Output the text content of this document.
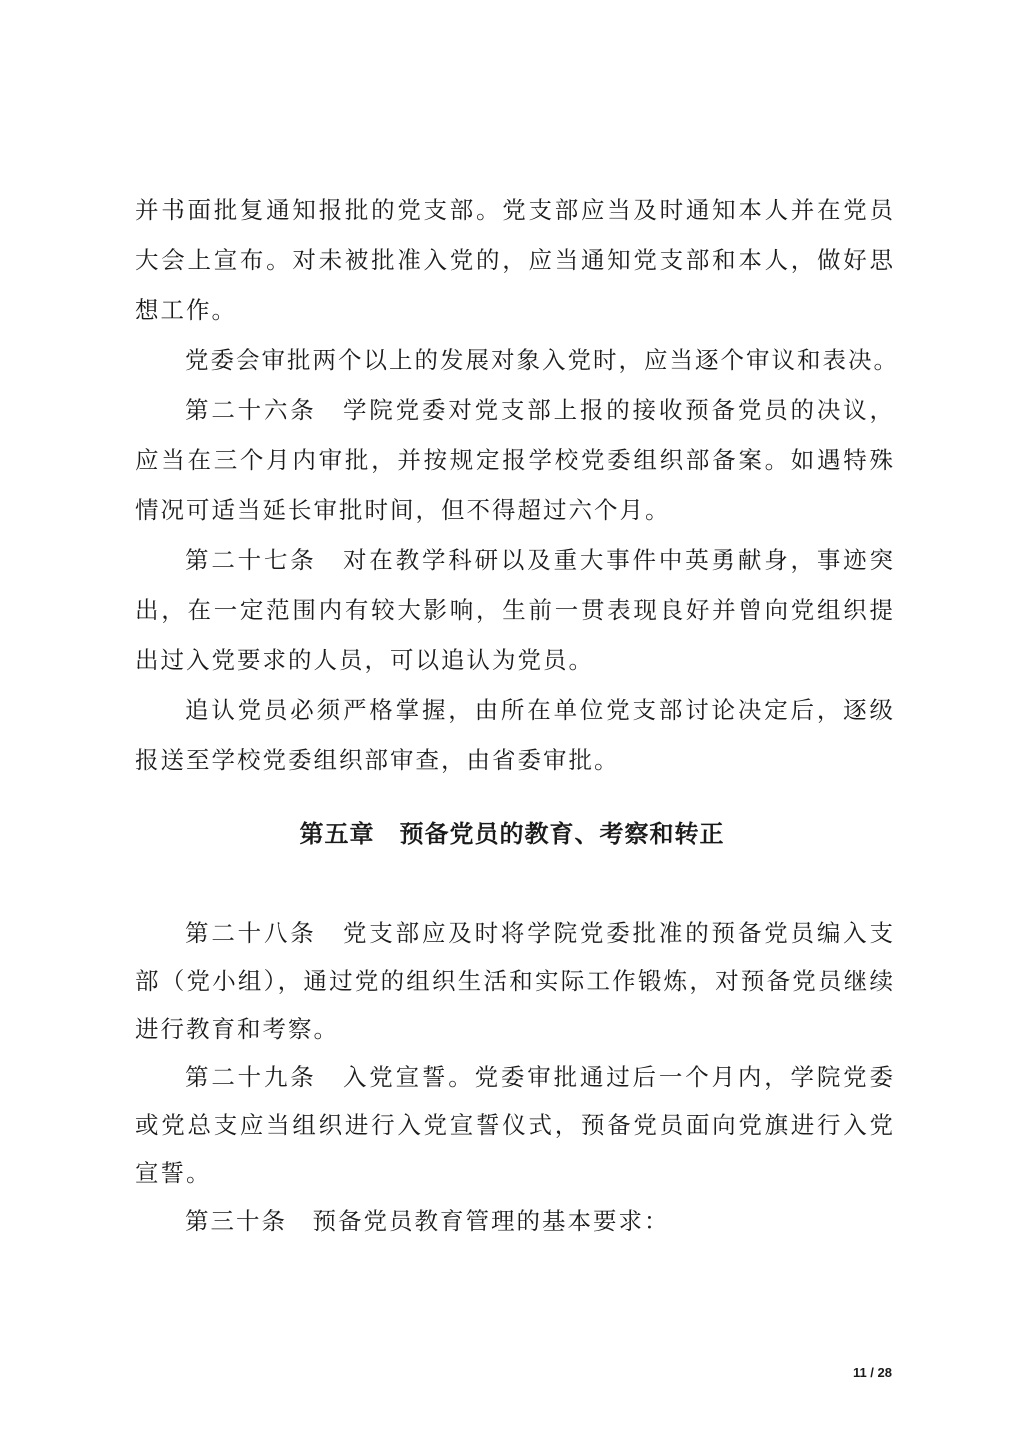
并书面批复通知报批的党支部。党支部应当及时通知本人并在党员
大会上宣布。对未被批准入党的，应当通知党支部和本人，做好思
想工作。
党委会审批两个以上的发展对象入党时，应当逐个审议和表决。
第二十六条　学院党委对党支部上报的接收预备党员的决议，
应当在三个月内审批，并按规定报学校党委组织部备案。如遇特殊
情况可适当延长审批时间，但不得超过六个月。
第二十七条　对在教学科研以及重大事件中英勇献身，事迹突
出，在一定范围内有较大影响，生前一贯表现良好并曾向党组织提
出过入党要求的人员，可以追认为党员。
追认党员必须严格掌握，由所在单位党支部讨论决定后，逐级
报送至学校党委组织部审查，由省委审批。
第五章　预备党员的教育、考察和转正
第二十八条　党支部应及时将学院党委批准的预备党员编入支
部（党小组），通过党的组织生活和实际工作锻炼，对预备党员继续
进行教育和考察。
第二十九条　入党宣誓。党委审批通过后一个月内，学院党委
或党总支应当组织进行入党宣誓仪式，预备党员面向党旗进行入党
宣誓。
第三十条　预备党员教育管理的基本要求：
11 / 28
